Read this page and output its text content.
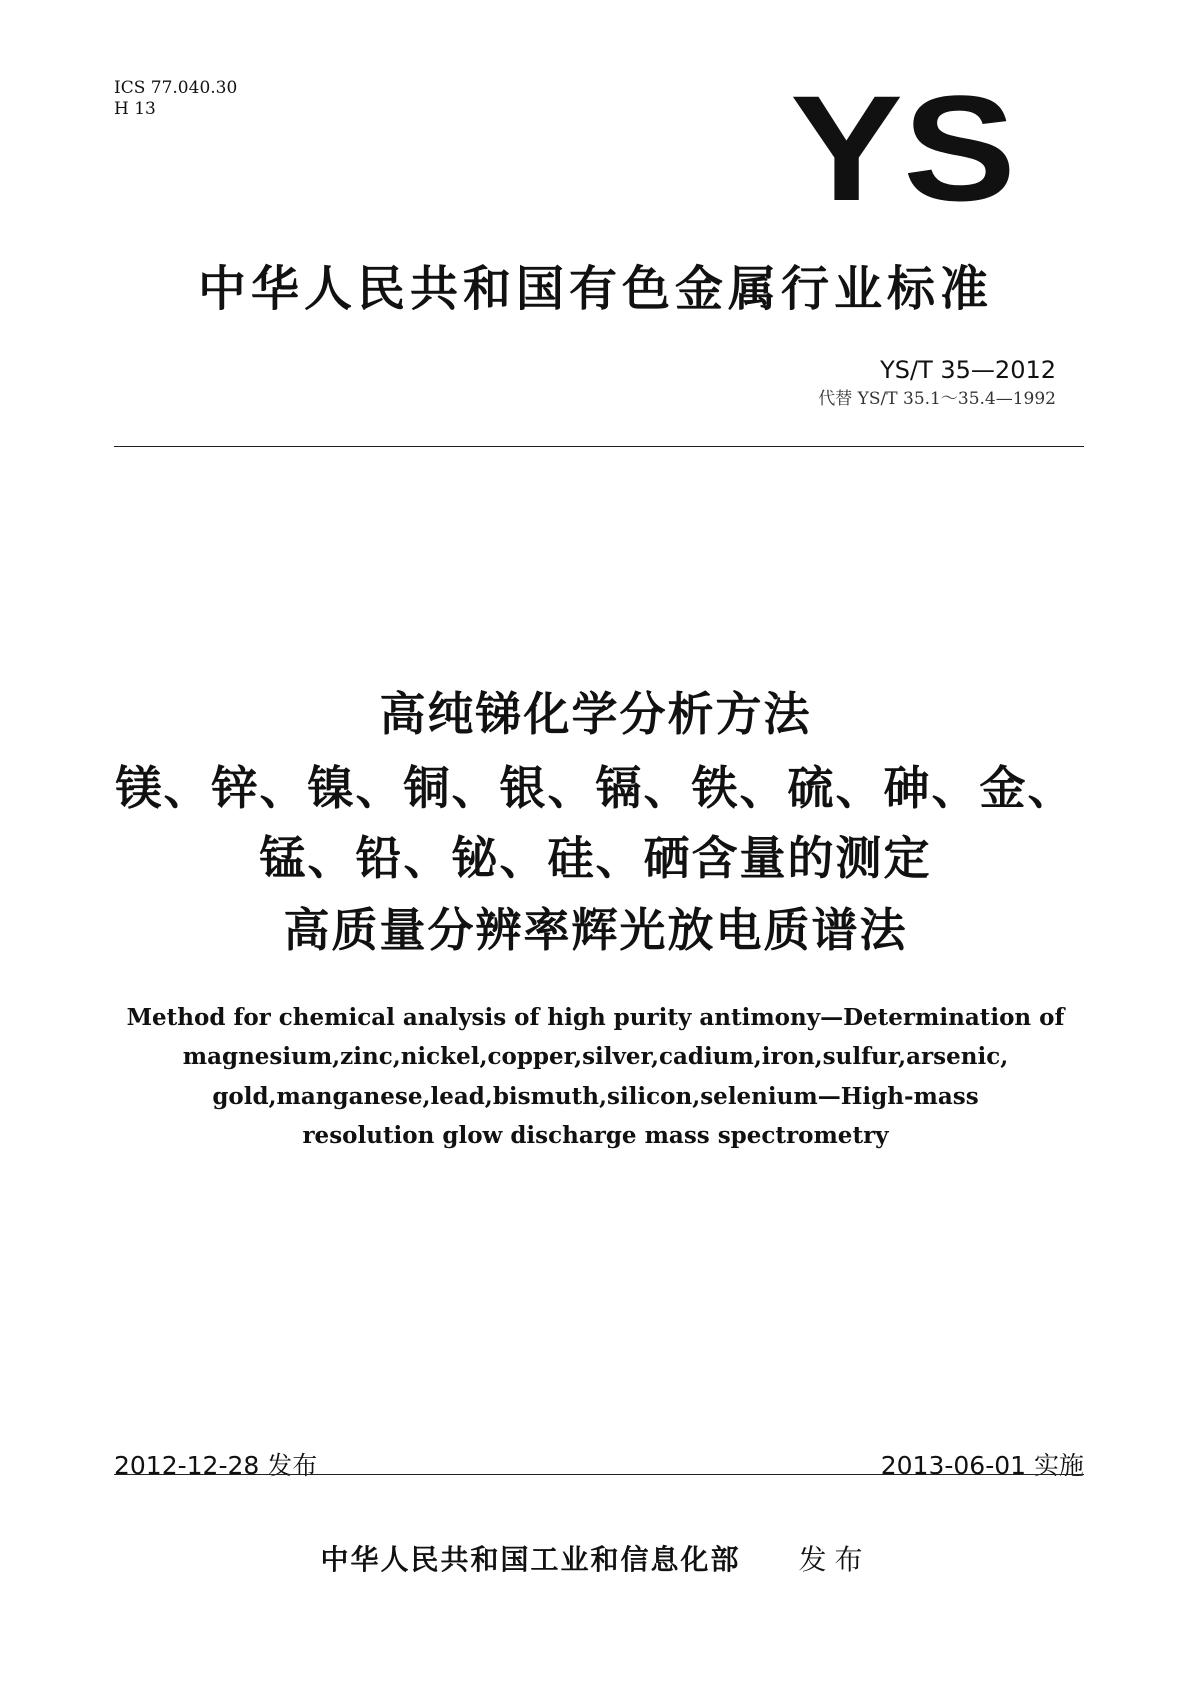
ICS 77.040.30
H 13	YS
中华人民共和国有色金属行业标准
YS/T 35—2012
代替 YS/T 35.1～35.4—1992
高纯锑化学分析方法
镁、锌、镍、铜、银、镉、铁、硫、砷、金、
锰、铅、铋、硅、硒含量的测定
高质量分辨率辉光放电质谱法
Method for chemical analysis of high purity antimony—Determination of
magnesium,zinc,nickel,copper,silver,cadium,iron,sulfur,arsenic,
gold,manganese,lead,bismuth,silicon,selenium—High-mass
resolution glow discharge mass spectrometry
2012-12-28 发布	2013-06-01 实施
中华人民共和国工业和信息化部 发布
